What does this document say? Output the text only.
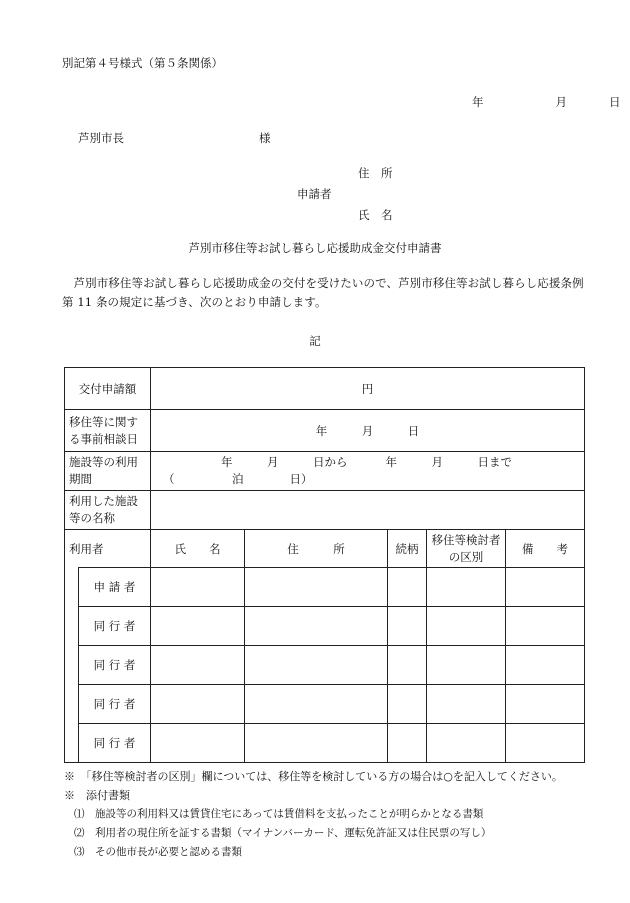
別記第４号様式（第５条関係）
年	月	日
芦別市長	様
住　所
申請者
氏　名
芦別市移住等お試し暮らし応援助成金交付申請書
芦別市移住等お試し暮らし応援助成金の交付を受けたいので、芦別市移住等お試し暮らし応援条例第 11 条の規定に基づき、次のとおり申請します。
記
交付申請額		円				
移住等に関する事前相談日		年　　　月　　　日				
施設等の利用期間		年　　　月　　　日から 年　　　月　　　日まで
（　　　　　泊　　　　日）				

利用した施設等の名称						
利用者		氏　　名	住　　　所	続柄	移住等検討者の区別	備　　考
	申 請 者					
	同 行 者					
	同 行 者					
	同 行 者					
	同 行 者					
※　「移住等検討者の区別」欄については、移住等を検討している方の場合は○を記入してください。
※　添付書類
⑴　施設等の利用料又は賃貸住宅にあっては賃借料を支払ったことが明らかとなる書類
⑵　利用者の現住所を証する書類（マイナンバーカード、運転免許証又は住民票の写し）
⑶　その他市長が必要と認める書類
